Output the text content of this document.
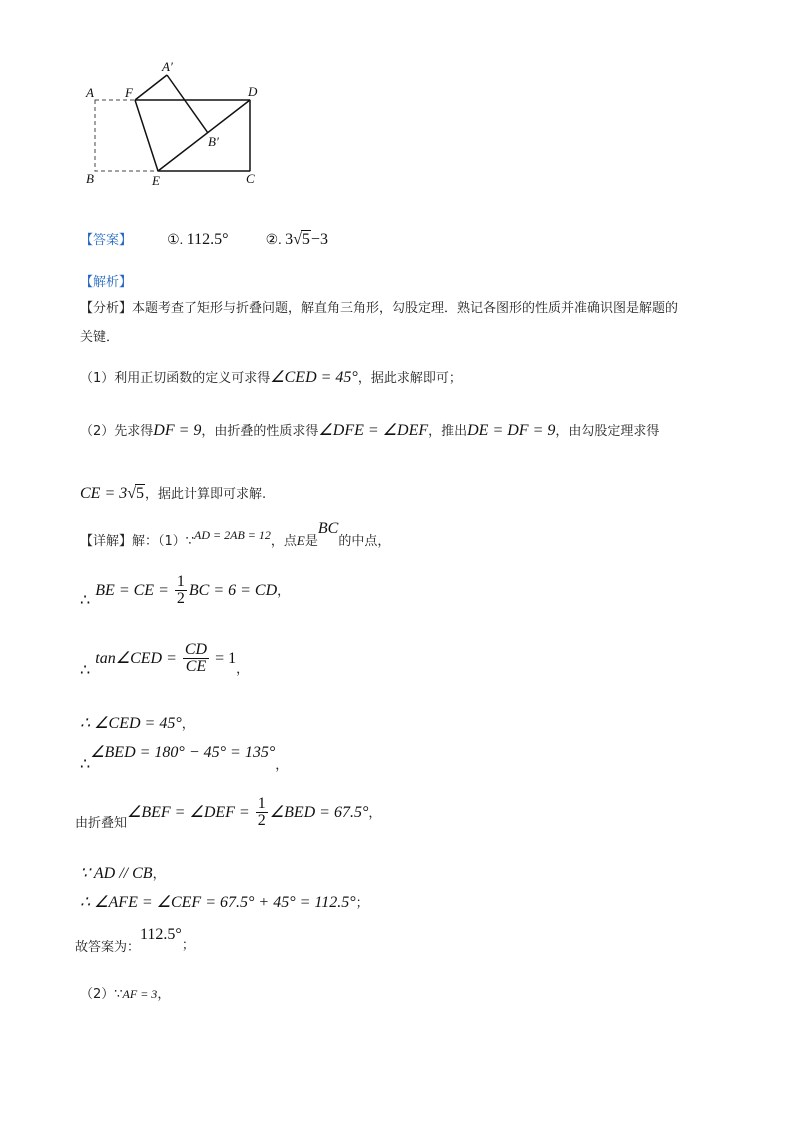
A
A′
F	D
B′
B	E	C
【答案】	①. 112.5°	②. 3√5−3
【解析】
【分析】本题考查了矩形与折叠问题，解直角三角形，勾股定理．熟记各图形的性质并准确识图是解题的
关键．
（1）利用正切函数的定义可求得∠CED = 45°，据此求解即可；
（2）先求得DF = 9，由折叠的性质求得∠DFE = ∠DEF，推出DE = DF = 9，由勾股定理求得
CE = 3√5，据此计算即可求解.
【详解】解：（1）∵$^{AD = 2AB = 12}$，点E是BC的中点，
∴ BE = CE = $\frac{1}{2}$ BC = 6 = CD，
∴ tan∠CED = $\frac{CD}{CE} = 1_,$
∴ ∠CED = 45°，
∴∠BED = $180^\circ - 45^\circ = 135^\circ_,$
$_{由折叠知}$∠BEF = ∠DEF = $\frac{1}{2}$ ∠BED = 67.5°，
∵ AD // CB，
∴ ∠AFE = ∠CEF = 67.5° + 45° = 112.5°；
$_{故答案为:}112.5^\circ_;$
（2）∵AF = 3，
